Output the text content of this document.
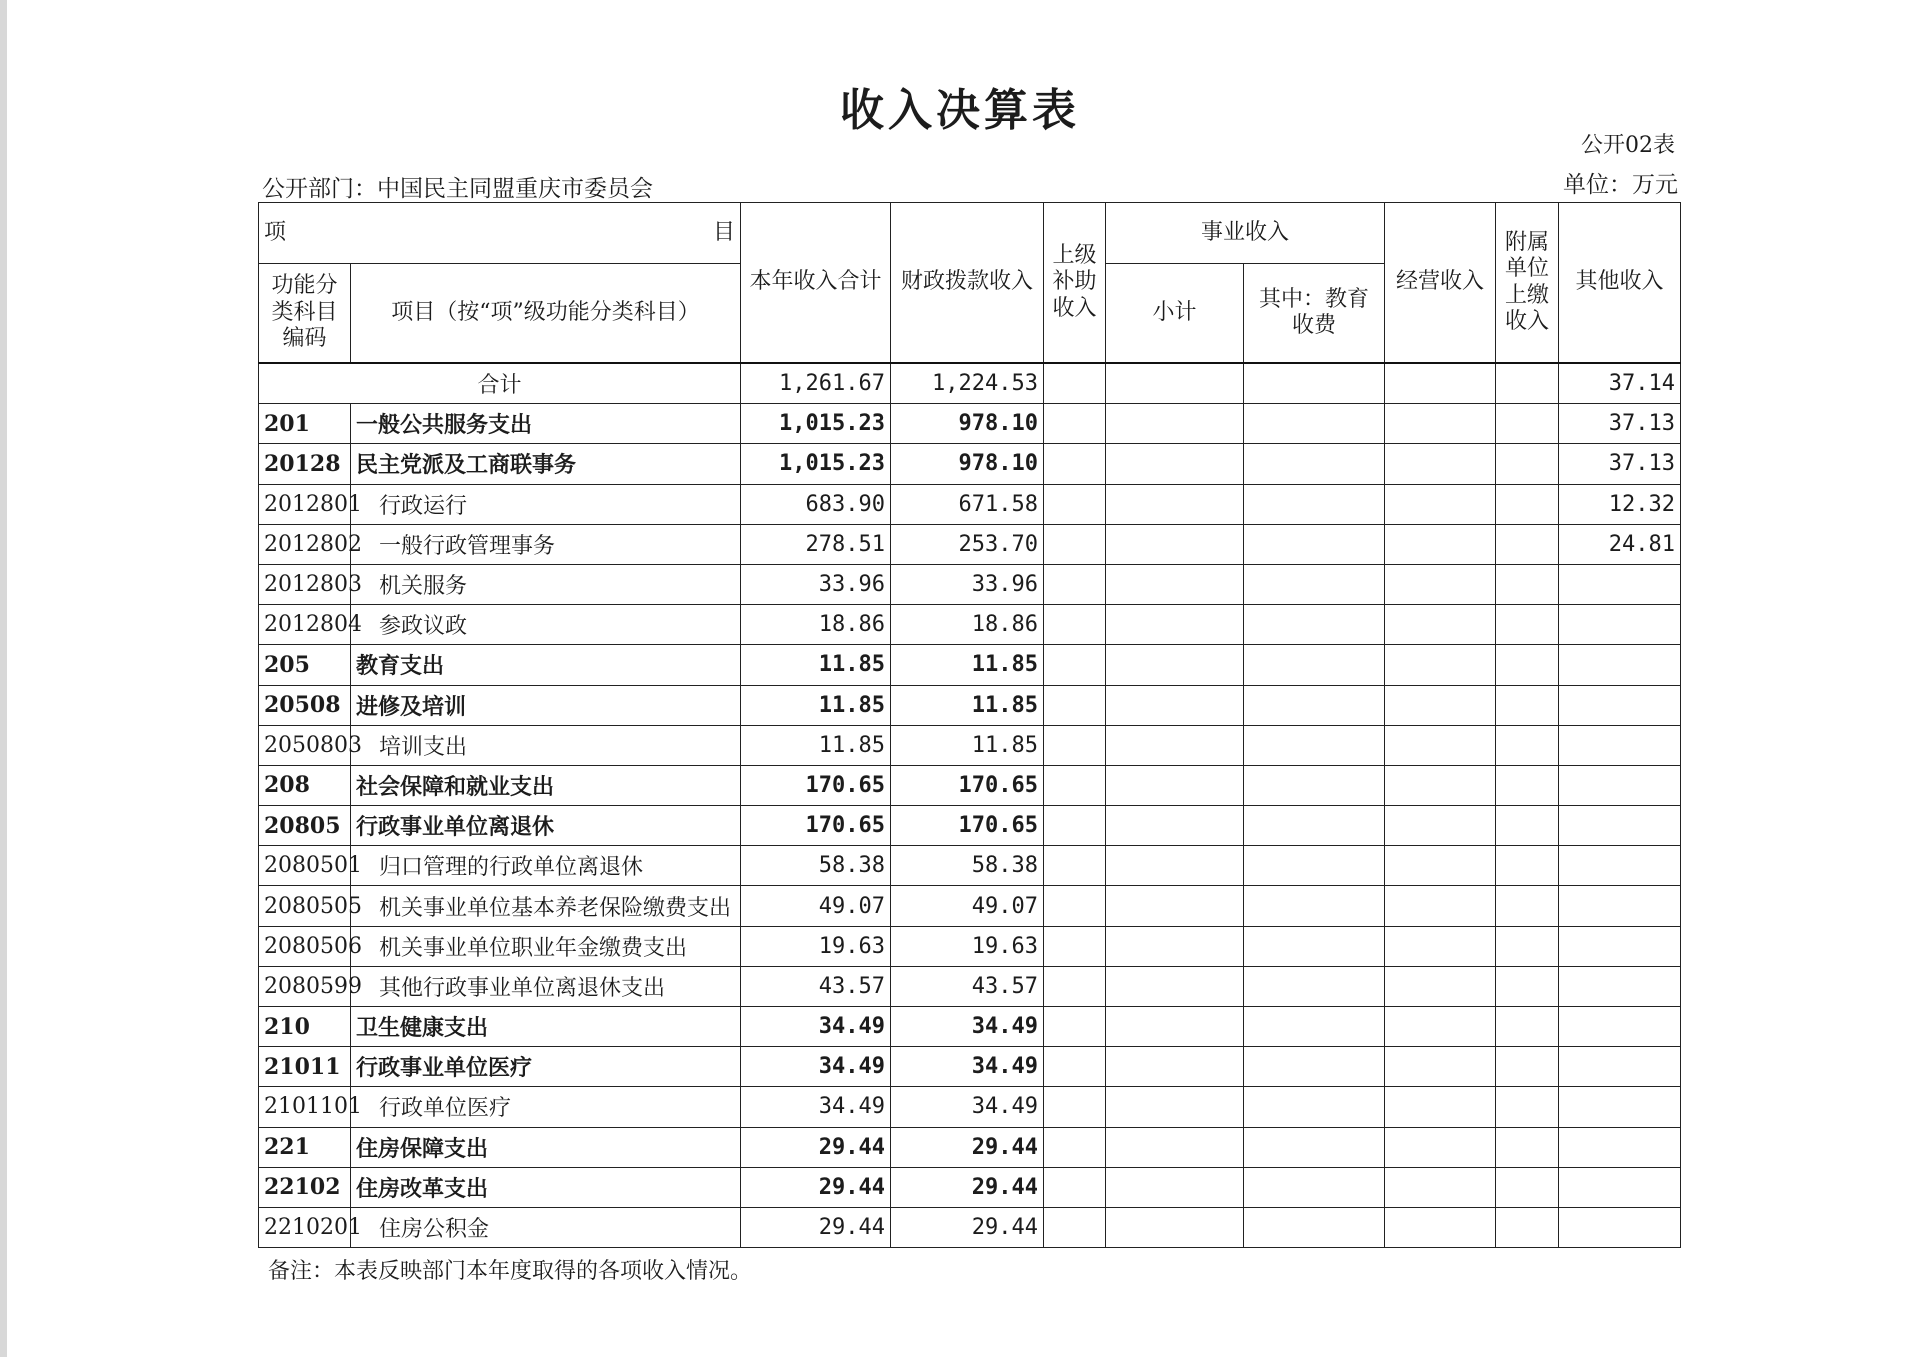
收入决算表
公开02表
公开部门：中国民主同盟重庆市委员会	单位：万元
项 目		本年收入合计	财政拨款收入	上级补助收入	事业收入		经营收入	附属单位上缴收入	其他收入
功能分类科目编码	项目（按“项”级功能分类科目）				小计	其中：教育收费			

合计		1,261.67	1,224.53						37.14
201	一般公共服务支出	1,015.23	978.10						37.13
20128	民主党派及工商联事务	1,015.23	978.10						37.13
2012801	行政运行	683.90	671.58						12.32
2012802	一般行政管理事务	278.51	253.70						24.81
2012803	机关服务	33.96	33.96						
2012804	参政议政	18.86	18.86						
205	教育支出	11.85	11.85						
20508	进修及培训	11.85	11.85						
2050803	培训支出	11.85	11.85						
208	社会保障和就业支出	170.65	170.65						
20805	行政事业单位离退休	170.65	170.65						
2080501	归口管理的行政单位离退休	58.38	58.38						
2080505	机关事业单位基本养老保险缴费支出	49.07	49.07						
2080506	机关事业单位职业年金缴费支出	19.63	19.63						
2080599	其他行政事业单位离退休支出	43.57	43.57						
210	卫生健康支出	34.49	34.49						
21011	行政事业单位医疗	34.49	34.49						
2101101	行政单位医疗	34.49	34.49						
221	住房保障支出	29.44	29.44						
22102	住房改革支出	29.44	29.44						
2210201	住房公积金	29.44	29.44						
备注：本表反映部门本年度取得的各项收入情况。
